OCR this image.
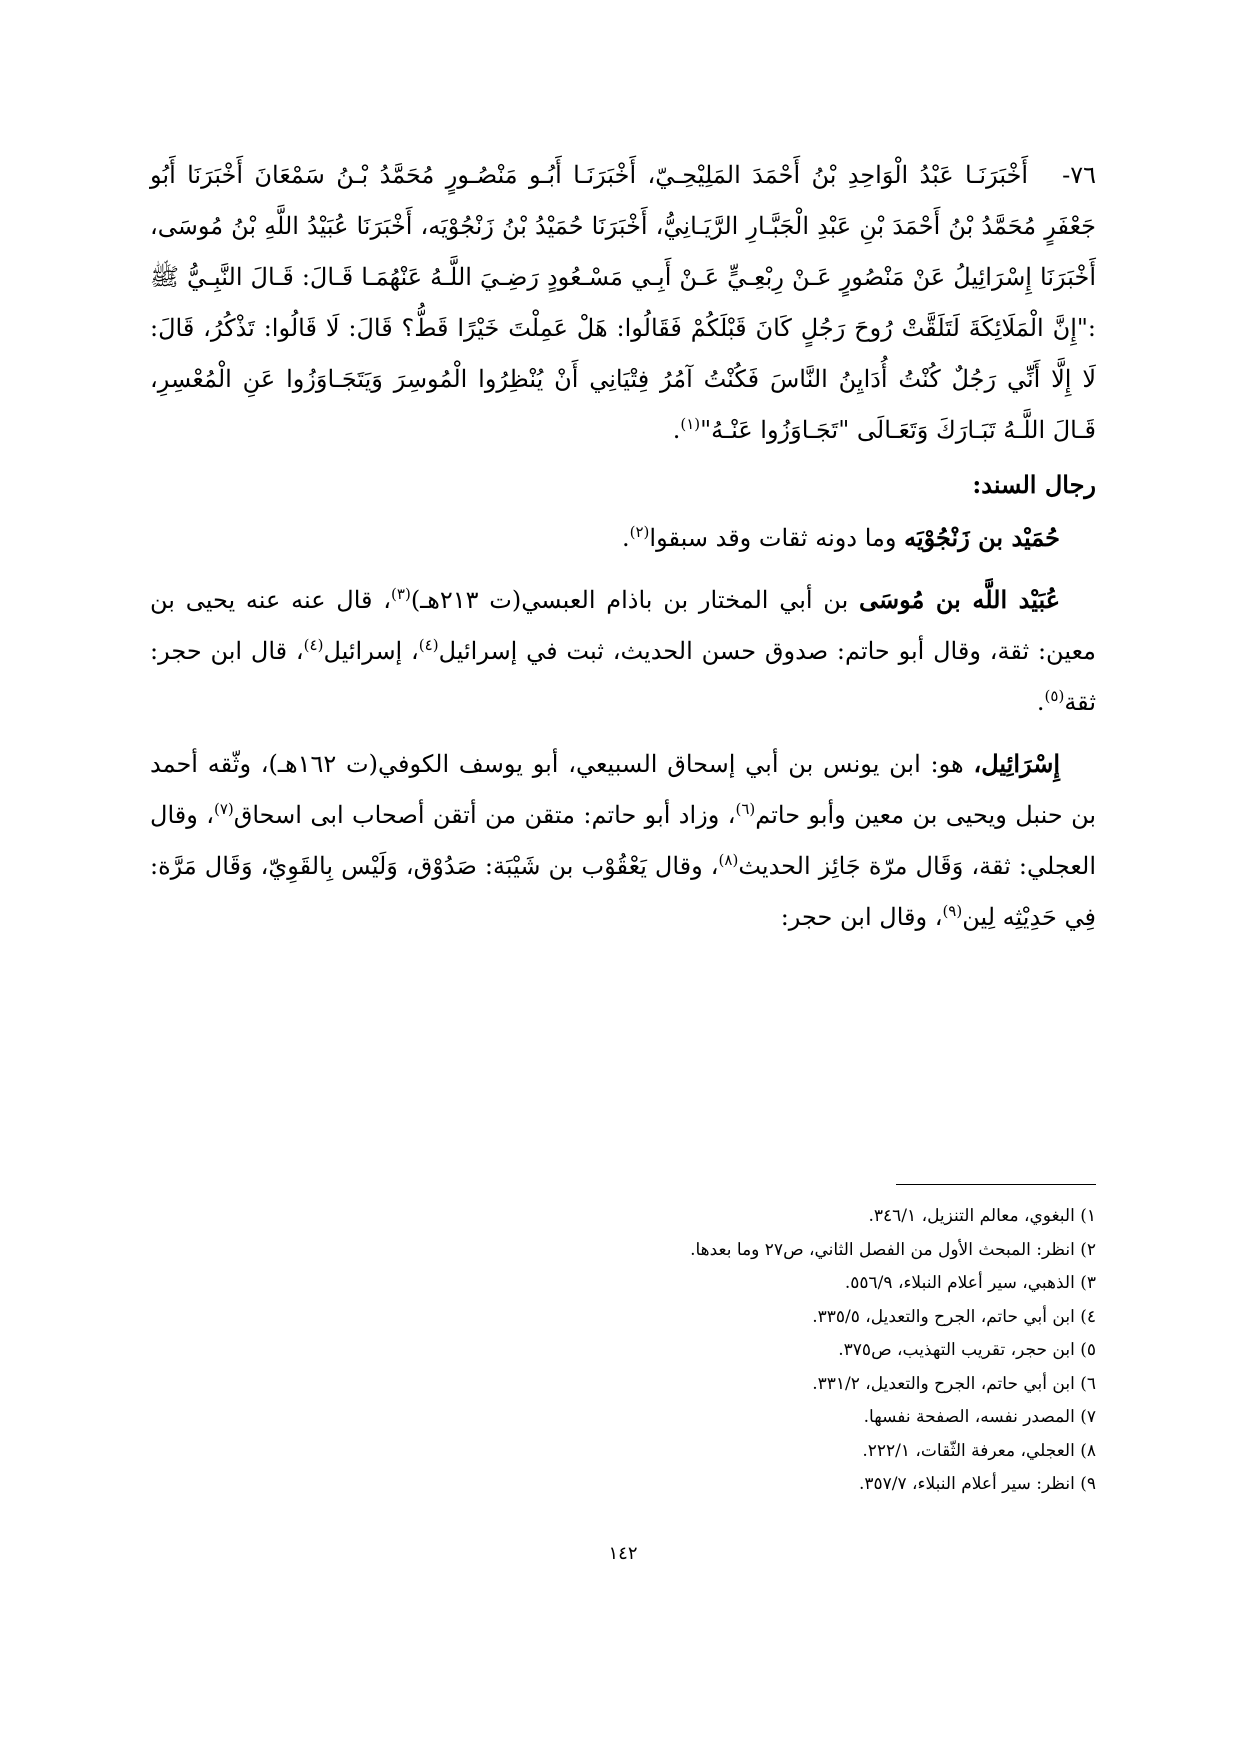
٧٦-   أَخْبَرَنَـا عَبْدُ الْوَاحِدِ بْنُ أَحْمَدَ المَلِيْحِـيّ، أَخْبَرَنَـا أَبُـو مَنْصُـورٍ مُحَمَّدُ بْـنُ سَمْعَانَ أَخْبَرَنَا أَبُو جَعْفَرٍ مُحَمَّدُ بْنُ أَحْمَدَ بْنِ عَبْدِ الْجَبَّـارِ الرَّيَـانِيُّ، أَخْبَرَنَا حُمَيْدُ بْنُ زَنْجُوْيَه، أَخْبَرَنَا عُبَيْدُ اللَّهِ بْنُ مُوسَى، أَخْبَرَنَا إِسْرَائِيلُ عَنْ مَنْصُورٍ عَـنْ رِبْعِـيٍّ عَـنْ أَبِـي مَسْـعُودٍ رَضِـيَ اللَّـهُ عَنْهُمَـا قَـالَ: قَـالَ النَّبِـيُّ ﷺ :"إِنَّ الْمَلَائِكَةَ لَتَلَقَّتْ رُوحَ رَجُلٍ كَانَ قَبْلَكُمْ فَقَالُوا: هَلْ عَمِلْتَ خَيْرًا قَطُّ؟ قَالَ: لَا قَالُوا: تَذْكُرُ، قَالَ: لَا إِلَّا أَنِّي رَجُلٌ كُنْتُ أُدَايِنُ النَّاسَ فَكُنْتُ آمُرُ فِتْيَانِي أَنْ يُنْظِرُوا الْمُوسِرَ وَيَتَجَـاوَزُوا عَنِ الْمُعْسِرِ، قَـالَ اللَّـهُ تَبَـارَكَ وَتَعَـالَى "تَجَـاوَزُوا عَنْـهُ"$^{(١)}$.

رجال السند:

حُمَيْد بن زَنْجُوْيَه وما دونه ثقات وقد سبقوا$^{(٢)}$.

عُبَيْد اللَّه بن مُوسَى بن أبي المختار بن باذام العبسي(ت ٢١٣هـ)$^{(٣)}$، قال عنه عنه يحيى بن معين: ثقة، وقال أبو حاتم: صدوق حسن الحديث، ثبت في إسرائيل$^{(٤)}$، إسرائيل$^{(٤)}$، قال ابن حجر: ثقة$^{(٥)}$.

إِسْرَائِيل، هو: ابن يونس بن أبي إسحاق السبيعي، أبو يوسف الكوفي(ت ١٦٢هـ)، وثّقه أحمد بن حنبل ويحيى بن معين وأبو حاتم$^{(٦)}$، وزاد أبو حاتم: متقن من أتقن أصحاب ابى اسحاق$^{(٧)}$، وقال العجلي: ثقة، وَقَال مرّة جَائِز الحديث$^{(٨)}$، وقال يَعْقُوْب بن شَيْبَة: صَدُوْق، وَلَيْس بِالقَوِيّ، وَقَال مَرَّة: فِي حَدِيْثِه لِين$^{(٩)}$، وقال ابن حجر:

١) البغوي، معالم التنزيل، ٣٤٦/١.
٢) انظر: المبحث الأول من الفصل الثاني، ص٢٧ وما بعدها.
٣) الذهبي، سير أعلام النبلاء، ٥٥٦/٩.
٤) ابن أبي حاتم، الجرح والتعديل، ٣٣٥/٥.
٥) ابن حجر، تقريب التهذيب، ص٣٧٥.
٦) ابن أبي حاتم، الجرح والتعديل، ٣٣١/٢.
٧) المصدر نفسه، الصفحة نفسها.
٨) العجلي، معرفة الثّقات، ٢٢٢/١.
٩) انظر: سير أعلام النبلاء، ٣٥٧/٧.
١٤٢
